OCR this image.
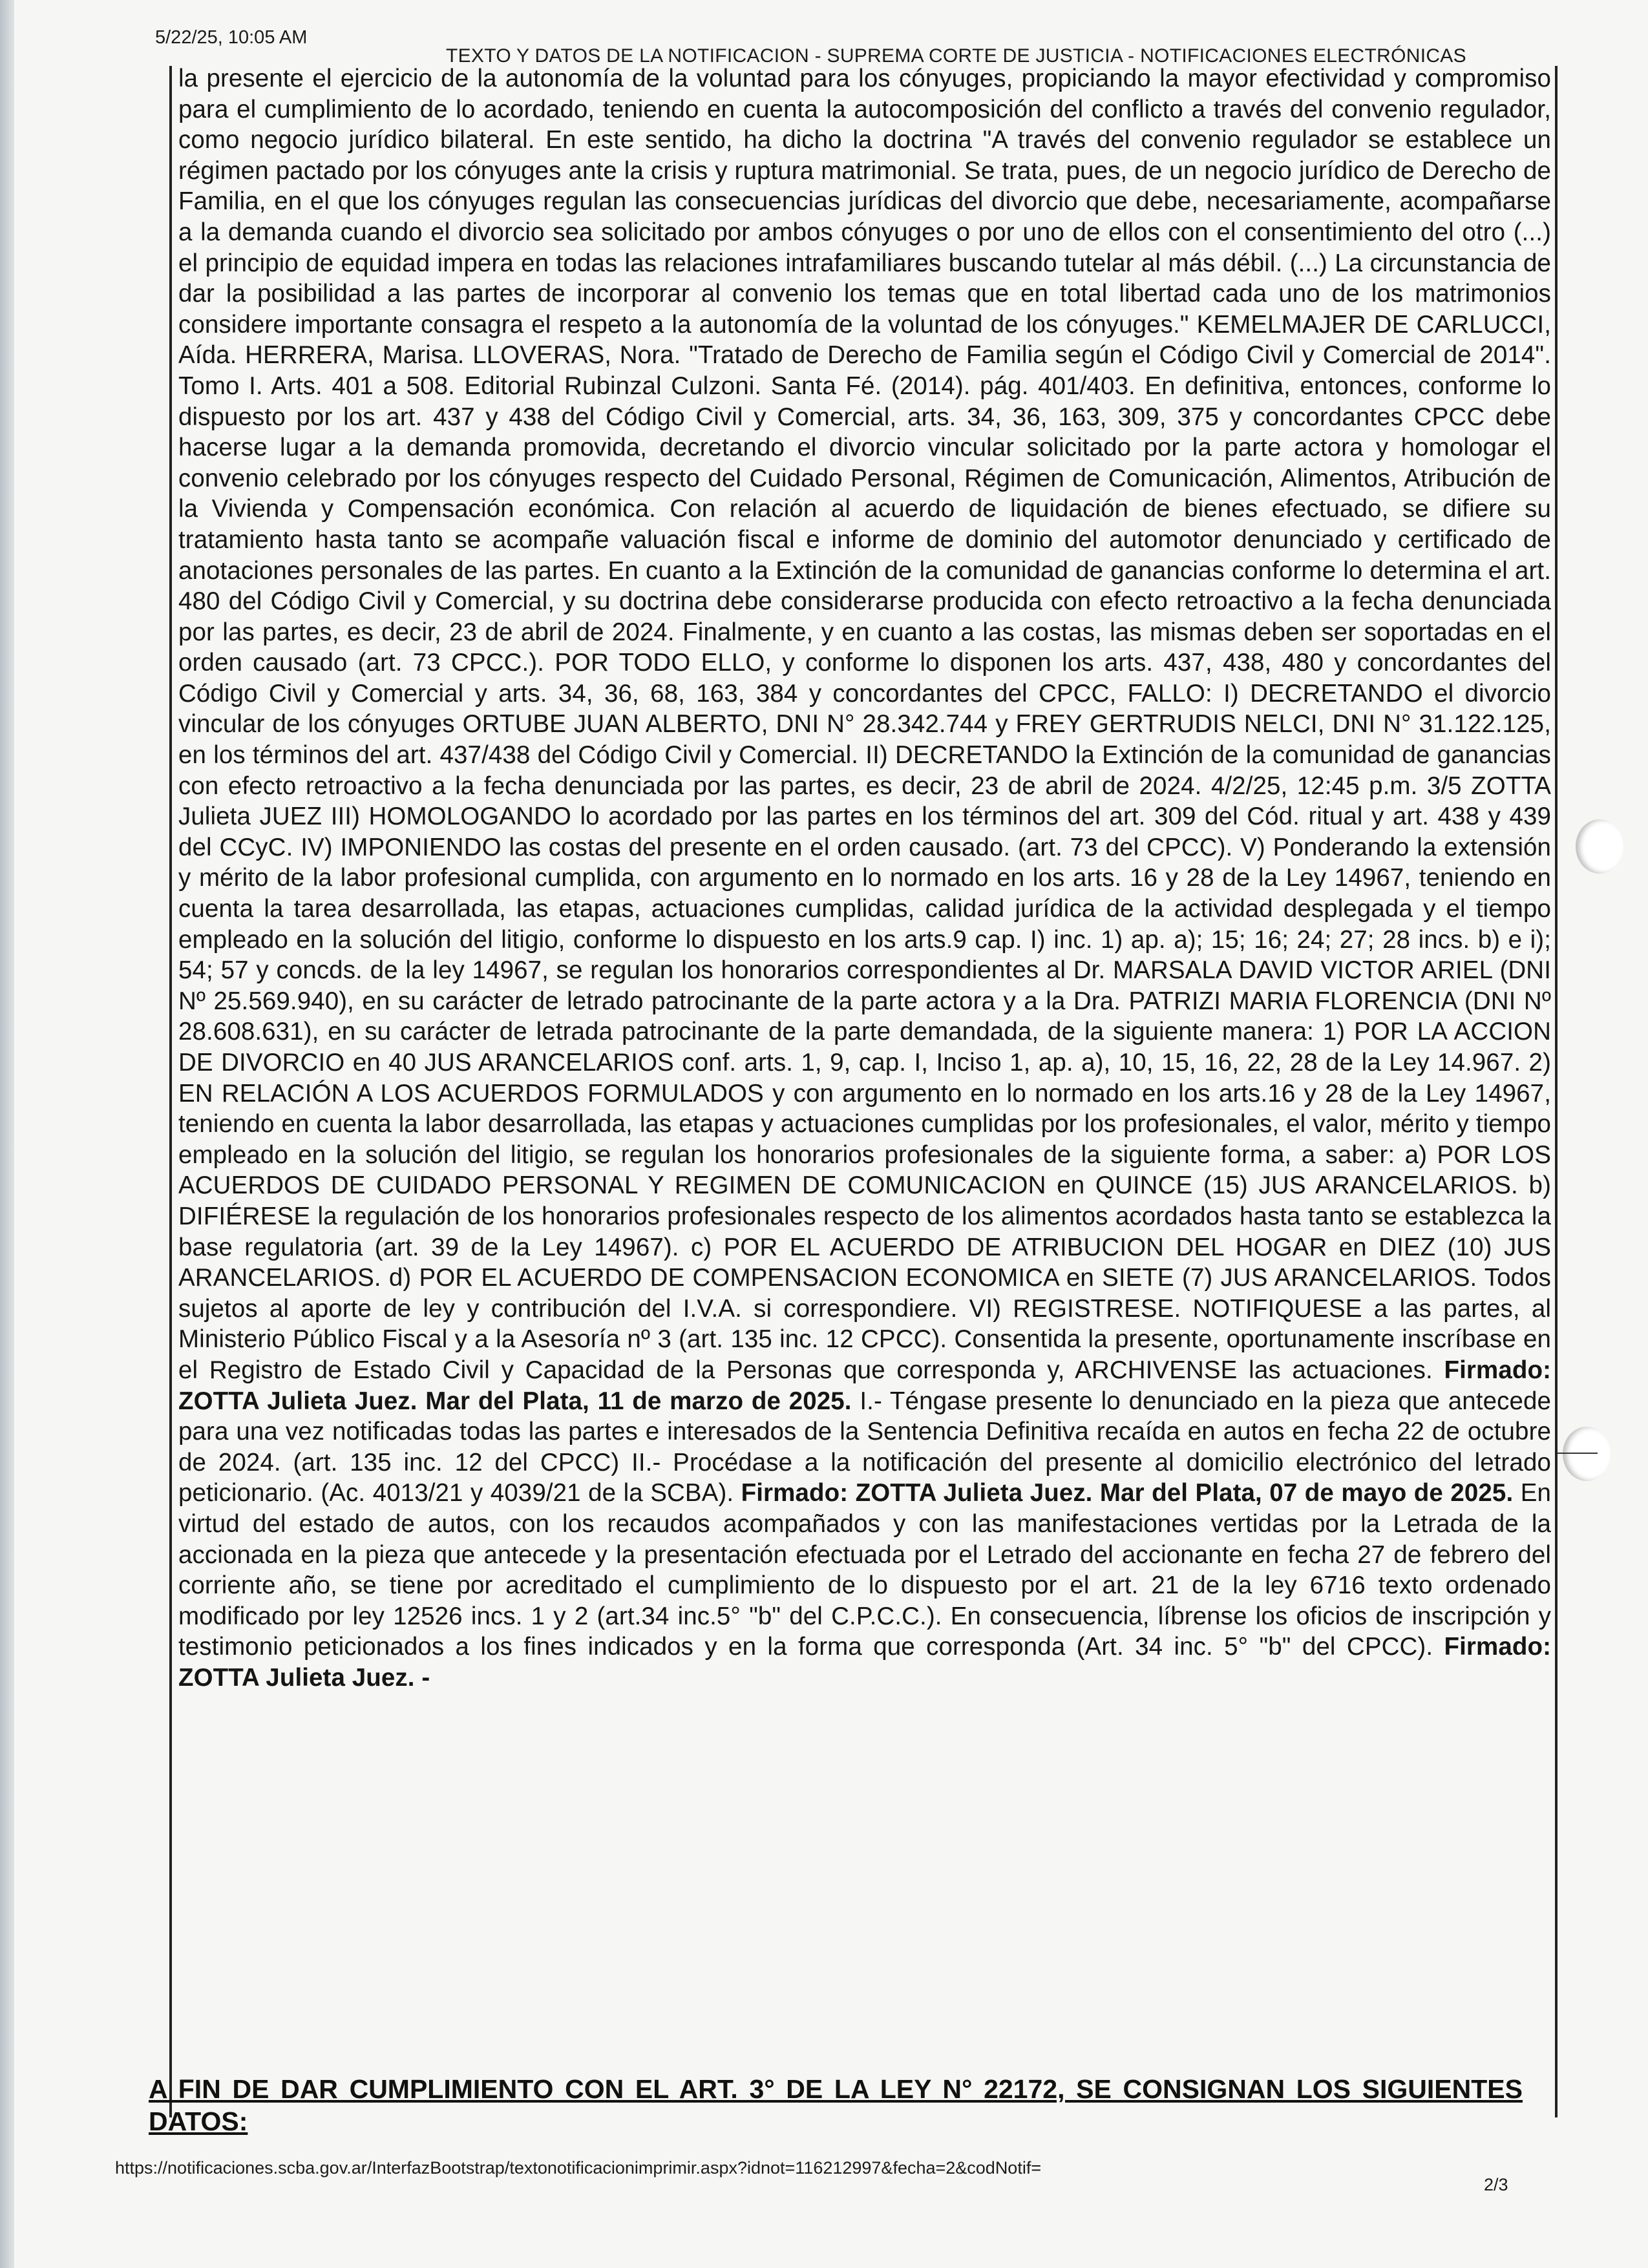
5/22/25, 10:05 AM
TEXTO Y DATOS DE LA NOTIFICACION - SUPREMA CORTE DE JUSTICIA - NOTIFICACIONES ELECTRÓNICAS

la presente el ejercicio de la autonomía de la voluntad para los cónyuges, propiciando la mayor efectividad y compromiso para el cumplimiento de lo acordado, teniendo en cuenta la autocomposición del conflicto a través del convenio regulador, como negocio jurídico bilateral. En este sentido, ha dicho la doctrina "A través del convenio regulador se establece un régimen pactado por los cónyuges ante la crisis y ruptura matrimonial. Se trata, pues, de un negocio jurídico de Derecho de Familia, en el que los cónyuges regulan las consecuencias jurídicas del divorcio que debe, necesariamente, acompañarse a la demanda cuando el divorcio sea solicitado por ambos cónyuges o por uno de ellos con el consentimiento del otro (...) el principio de equidad impera en todas las relaciones intrafamiliares buscando tutelar al más débil. (...) La circunstancia de dar la posibilidad a las partes de incorporar al convenio los temas que en total libertad cada uno de los matrimonios considere importante consagra el respeto a la autonomía de la voluntad de los cónyuges." KEMELMAJER DE CARLUCCI, Aída. HERRERA, Marisa. LLOVERAS, Nora. "Tratado de Derecho de Familia según el Código Civil y Comercial de 2014". Tomo I. Arts. 401 a 508. Editorial Rubinzal Culzoni. Santa Fé. (2014). pág. 401/403. En definitiva, entonces, conforme lo dispuesto por los art. 437 y 438 del Código Civil y Comercial, arts. 34, 36, 163, 309, 375 y concordantes CPCC debe hacerse lugar a la demanda promovida, decretando el divorcio vincular solicitado por la parte actora y homologar el convenio celebrado por los cónyuges respecto del Cuidado Personal, Régimen de Comunicación, Alimentos, Atribución de la Vivienda y Compensación económica. Con relación al acuerdo de liquidación de bienes efectuado, se difiere su tratamiento hasta tanto se acompañe valuación fiscal e informe de dominio del automotor denunciado y certificado de anotaciones personales de las partes. En cuanto a la Extinción de la comunidad de ganancias conforme lo determina el art. 480 del Código Civil y Comercial, y su doctrina debe considerarse producida con efecto retroactivo a la fecha denunciada por las partes, es decir, 23 de abril de 2024. Finalmente, y en cuanto a las costas, las mismas deben ser soportadas en el orden causado (art. 73 CPCC.). POR TODO ELLO, y conforme lo disponen los arts. 437, 438, 480 y concordantes del Código Civil y Comercial y arts. 34, 36, 68, 163, 384 y concordantes del CPCC, FALLO: I) DECRETANDO el divorcio vincular de los cónyuges ORTUBE JUAN ALBERTO, DNI N° 28.342.744 y FREY GERTRUDIS NELCI, DNI N° 31.122.125, en los términos del art. 437/438 del Código Civil y Comercial. II) DECRETANDO la Extinción de la comunidad de ganancias con efecto retroactivo a la fecha denunciada por las partes, es decir, 23 de abril de 2024. 4/2/25, 12:45 p.m. 3/5 ZOTTA Julieta JUEZ III) HOMOLOGANDO lo acordado por las partes en los términos del art. 309 del Cód. ritual y art. 438 y 439 del CCyC. IV) IMPONIENDO las costas del presente en el orden causado. (art. 73 del CPCC). V) Ponderando la extensión y mérito de la labor profesional cumplida, con argumento en lo normado en los arts. 16 y 28 de la Ley 14967, teniendo en cuenta la tarea desarrollada, las etapas, actuaciones cumplidas, calidad jurídica de la actividad desplegada y el tiempo empleado en la solución del litigio, conforme lo dispuesto en los arts.9 cap. I) inc. 1) ap. a); 15; 16; 24; 27; 28 incs. b) e i); 54; 57 y concds. de la ley 14967, se regulan los honorarios correspondientes al Dr. MARSALA DAVID VICTOR ARIEL (DNI Nº 25.569.940), en su carácter de letrado patrocinante de la parte actora y a la Dra. PATRIZI MARIA FLORENCIA (DNI Nº 28.608.631), en su carácter de letrada patrocinante de la parte demandada, de la siguiente manera: 1) POR LA ACCION DE DIVORCIO en 40 JUS ARANCELARIOS conf. arts. 1, 9, cap. I, Inciso 1, ap. a), 10, 15, 16, 22, 28 de la Ley 14.967. 2) EN RELACIÓN A LOS ACUERDOS FORMULADOS y con argumento en lo normado en los arts.16 y 28 de la Ley 14967, teniendo en cuenta la labor desarrollada, las etapas y actuaciones cumplidas por los profesionales, el valor, mérito y tiempo empleado en la solución del litigio, se regulan los honorarios profesionales de la siguiente forma, a saber: a) POR LOS ACUERDOS DE CUIDADO PERSONAL Y REGIMEN DE COMUNICACION en QUINCE (15) JUS ARANCELARIOS. b) DIFIÉRESE la regulación de los honorarios profesionales respecto de los alimentos acordados hasta tanto se establezca la base regulatoria (art. 39 de la Ley 14967). c) POR EL ACUERDO DE ATRIBUCION DEL HOGAR en DIEZ (10) JUS ARANCELARIOS. d) POR EL ACUERDO DE COMPENSACION ECONOMICA en SIETE (7) JUS ARANCELARIOS. Todos sujetos al aporte de ley y contribución del I.V.A. si correspondiere. VI) REGISTRESE. NOTIFIQUESE a las partes, al Ministerio Público Fiscal y a la Asesoría nº 3 (art. 135 inc. 12 CPCC). Consentida la presente, oportunamente inscríbase en el Registro de Estado Civil y Capacidad de la Personas que corresponda y, ARCHIVENSE las actuaciones. Firmado: ZOTTA Julieta Juez. Mar del Plata, 11 de marzo de 2025. I.- Téngase presente lo denunciado en la pieza que antecede para una vez notificadas todas las partes e interesados de la Sentencia Definitiva recaída en autos en fecha 22 de octubre de 2024. (art. 135 inc. 12 del CPCC) II.- Procédase a la notificación del presente al domicilio electrónico del letrado peticionario. (Ac. 4013/21 y 4039/21 de la SCBA). Firmado: ZOTTA Julieta Juez. Mar del Plata, 07 de mayo de 2025. En virtud del estado de autos, con los recaudos acompañados y con las manifestaciones vertidas por la Letrada de la accionada en la pieza que antecede y la presentación efectuada por el Letrado del accionante en fecha 27 de febrero del corriente año, se tiene por acreditado el cumplimiento de lo dispuesto por el art. 21 de la ley 6716 texto ordenado modificado por ley 12526 incs. 1 y 2 (art.34 inc.5° "b" del C.P.C.C.). En consecuencia, líbrense los oficios de inscripción y testimonio peticionados a los fines indicados y en la forma que corresponda (Art. 34 inc. 5° "b" del CPCC). Firmado: ZOTTA Julieta Juez. -

A FIN DE DAR CUMPLIMIENTO CON EL ART. 3° DE LA LEY N° 22172, SE CONSIGNAN LOS SIGUIENTES DATOS:

https://notificaciones.scba.gov.ar/InterfazBootstrap/textonotificacionimprimir.aspx?idnot=116212997&fecha=2&codNotif=
2/3
